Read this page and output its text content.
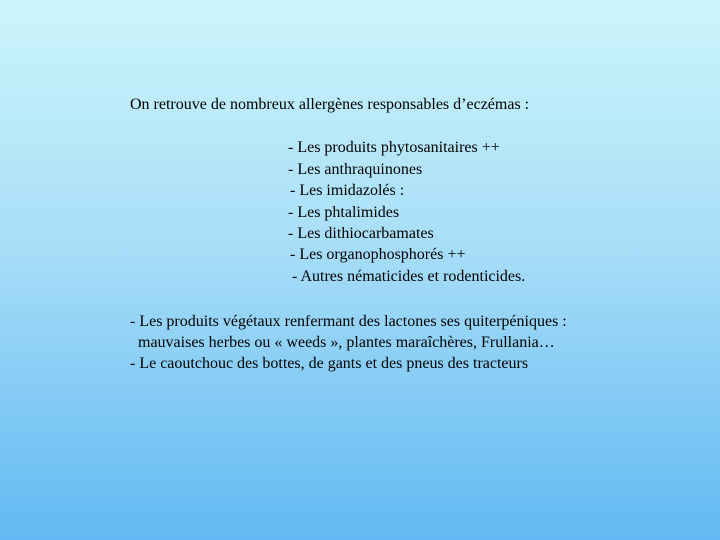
On retrouve de nombreux allergènes responsables d’eczémas :
- Les produits phytosanitaires ++
- Les anthraquinones
- Les imidazolés :
- Les phtalimides
- Les dithiocarbamates
- Les organophosphorés ++
- Autres nématicides et rodenticides.
- Les produits végétaux renfermant des lactones ses quiterpéniques :
mauvaises herbes ou « weeds », plantes maraîchères, Frullania…
- Le caoutchouc des bottes, de gants et des pneus des tracteurs
